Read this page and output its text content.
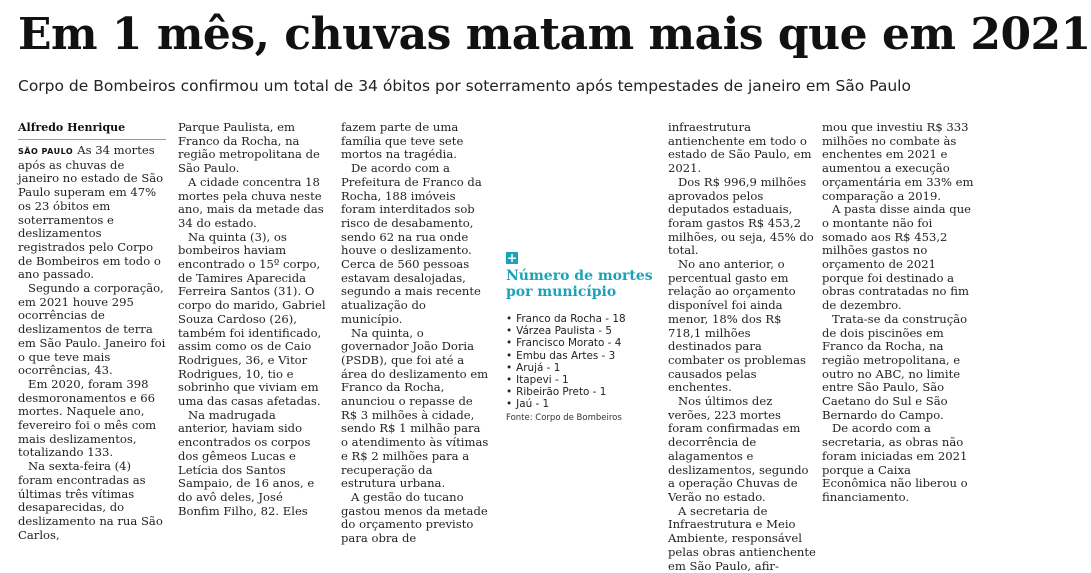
Em 1 mês, chuvas matam mais que em 2021
Corpo de Bombeiros confirmou um total de 34 óbitos por soterramento após tempestades de janeiro em São Paulo
Alfredo Henrique

SÃO PAULO As 34 mortes após as chuvas de janeiro no estado de São Paulo superam em 47% os 23 óbitos em soterramentos e deslizamentos registrados pelo Corpo de Bombeiros em todo o ano passado.

Segundo a corporação, em 2021 houve 295 ocorrências de deslizamentos de terra em São Paulo. Janeiro foi o que teve mais ocorrências, 43.

Em 2020, foram 398 desmoronamentos e 66 mortes. Naquele ano, fevereiro foi o mês com mais deslizamentos, totalizando 133.

Na sexta-feira (4) foram encontradas as últimas três vítimas desaparecidas, do deslizamento na rua São Carlos,

Parque Paulista, em Franco da Rocha, na região metropolitana de São Paulo.

A cidade concentra 18 mortes pela chuva neste ano, mais da metade das 34 do estado.

Na quinta (3), os bombeiros haviam encontrado o 15º corpo, de Tamires Aparecida Ferreira Santos (31). O corpo do marido, Gabriel Souza Cardoso (26), também foi identificado, assim como os de Caio Rodrigues, 36, e Vitor Rodrigues, 10, tio e sobrinho que viviam em uma das casas afetadas.

Na madrugada anterior, haviam sido encontrados os corpos dos gêmeos Lucas e Letícia dos Santos Sampaio, de 16 anos, e do avô deles, José Bonfim Filho, 82. Eles

fazem parte de uma família que teve sete mortos na tragédia.

De acordo com a Prefeitura de Franco da Rocha, 188 imóveis foram interditados sob risco de desabamento, sendo 62 na rua onde houve o deslizamento. Cerca de 560 pessoas estavam desalojadas, segundo a mais recente atualização do município.

Na quinta, o governador João Doria (PSDB), que foi até a área do deslizamento em Franco da Rocha, anunciou o repasse de R$ 3 milhões à cidade, sendo R$ 1 milhão para o atendimento às vítimas e R$ 2 milhões para a recuperação da estrutura urbana.

A gestão do tucano gastou menos da metade do orçamento previsto para obra de

+
Número de mortes por município
• Franco da Rocha - 18
• Várzea Paulista - 5
• Francisco Morato - 4
• Embu das Artes - 3
• Arujá - 1
• Itapevi - 1
• Ribeirão Preto - 1
• Jaú - 1
Fonte: Corpo de Bombeiros

infraestrutura antienchente em todo o estado de São Paulo, em 2021.

Dos R$ 996,9 milhões aprovados pelos deputados estaduais, foram gastos R$ 453,2 milhões, ou seja, 45% do total.

No ano anterior, o percentual gasto em relação ao orçamento disponível foi ainda menor, 18% dos R$ 718,1 milhões destinados para combater os problemas causados pelas enchentes.

Nos últimos dez verões, 223 mortes foram confirmadas em decorrência de alagamentos e deslizamentos, segundo a operação Chuvas de Verão no estado.

A secretaria de Infraestrutura e Meio Ambiente, responsável pelas obras antienchente em São Paulo, afir-

mou que investiu R$ 333 milhões no combate às enchentes em 2021 e aumentou a execução orçamentária em 33% em comparação a 2019.

A pasta disse ainda que o montante não foi somado aos R$ 453,2 milhões gastos no orçamento de 2021 porque foi destinado a obras contratadas no fim de dezembro.

Trata-se da construção de dois piscinões em Franco da Rocha, na região metropolitana, e outro no ABC, no limite entre São Paulo, São Caetano do Sul e São Bernardo do Campo.

De acordo com a secretaria, as obras não foram iniciadas em 2021 porque a Caixa Econômica não liberou o financiamento.
